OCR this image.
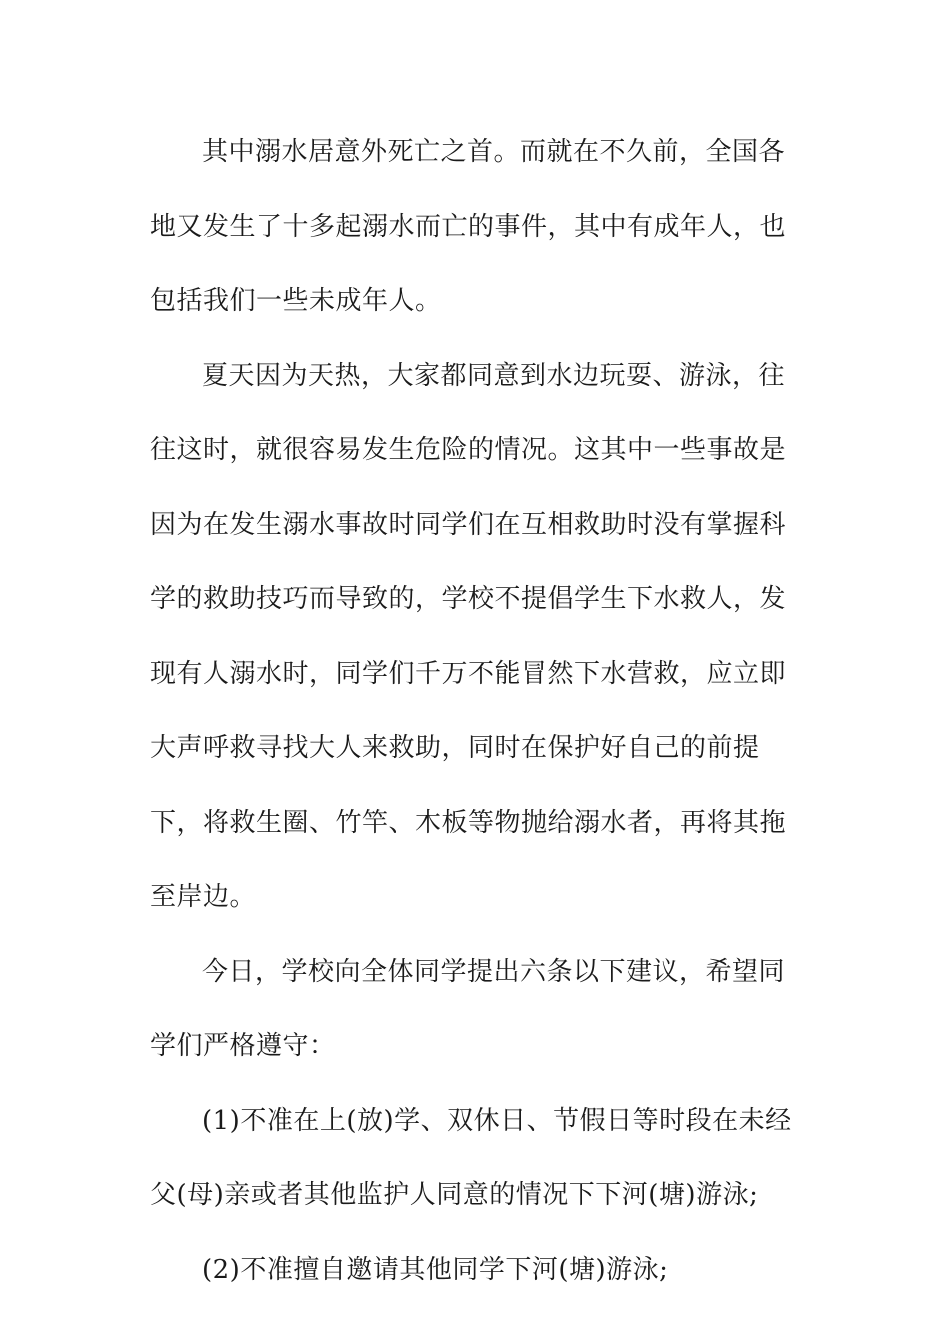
其中溺水居意外死亡之首。而就在不久前，全国各地又发生了十多起溺水而亡的事件，其中有成年人，也包括我们一些未成年人。

夏天因为天热，大家都同意到水边玩耍、游泳，往往这时，就很容易发生危险的情况。这其中一些事故是因为在发生溺水事故时同学们在互相救助时没有掌握科学的救助技巧而导致的，学校不提倡学生下水救人，发现有人溺水时，同学们千万不能冒然下水营救，应立即大声呼救寻找大人来救助，同时在保护好自己的前提下，将救生圈、竹竿、木板等物抛给溺水者，再将其拖至岸边。

今日，学校向全体同学提出六条以下建议，希望同学们严格遵守：

(1)不准在上(放)学、双休日、节假日等时段在未经父(母)亲或者其他监护人同意的情况下下河(塘)游泳;

(2)不准擅自邀请其他同学下河(塘)游泳;
